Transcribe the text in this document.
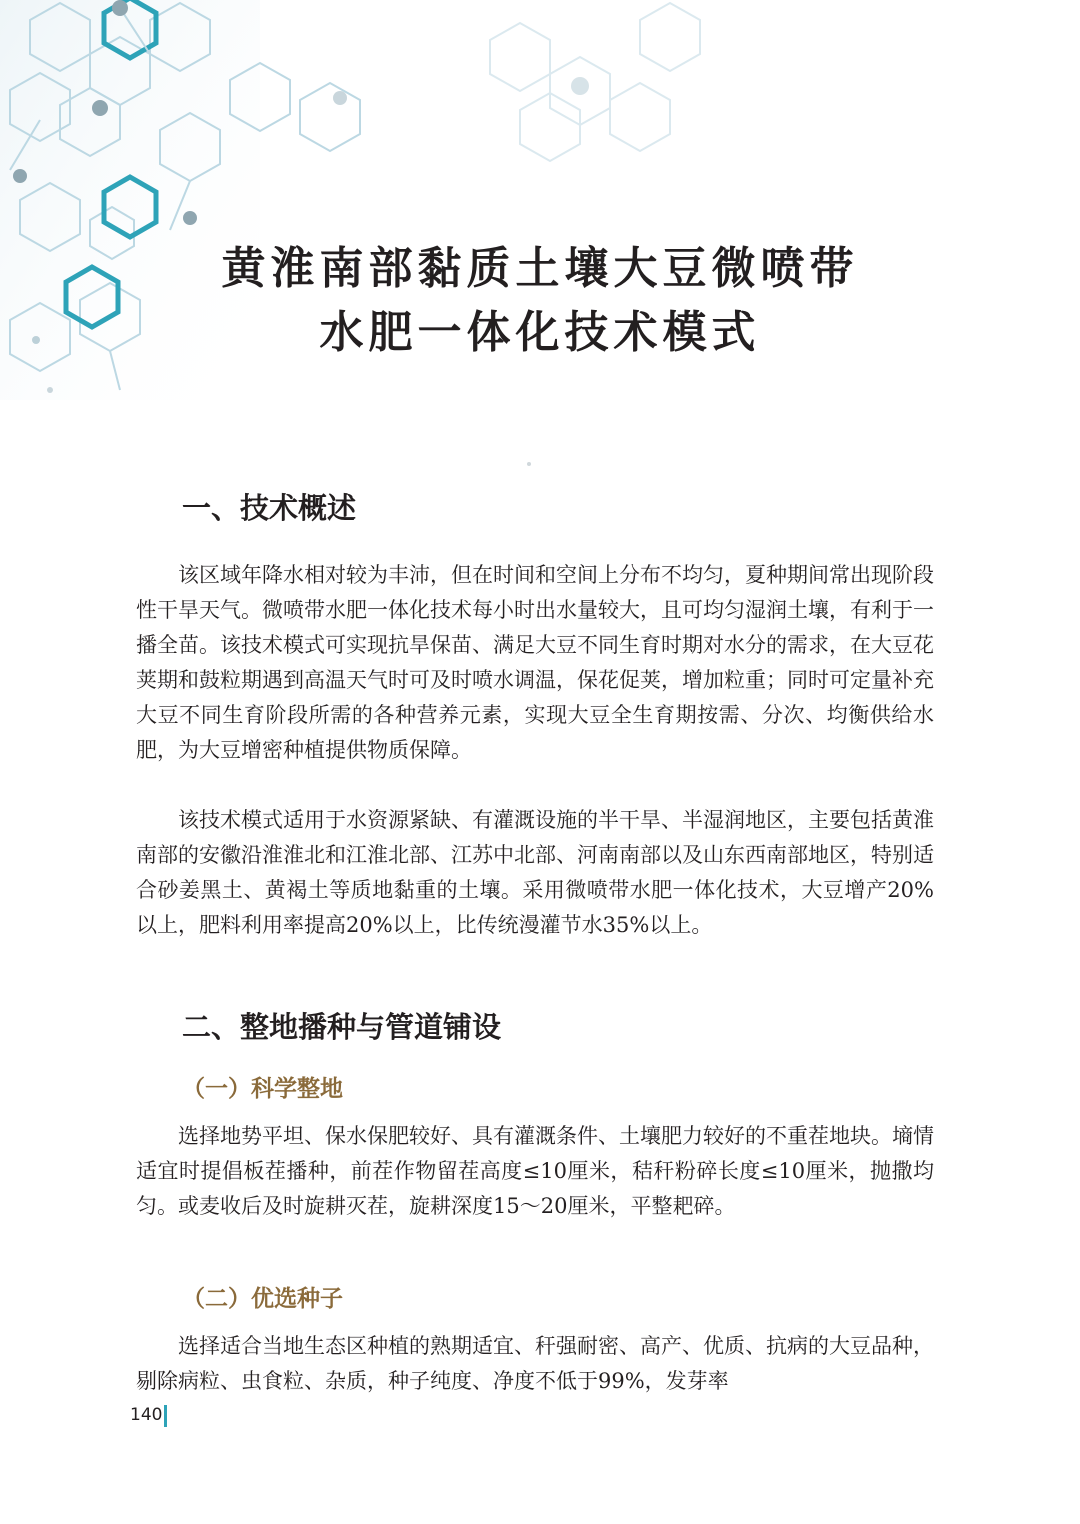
黄淮南部黏质土壤大豆微喷带
水肥一体化技术模式
一、技术概述

该区域年降水相对较为丰沛，但在时间和空间上分布不均匀，夏种期间常出现阶段性干旱天气。微喷带水肥一体化技术每小时出水量较大，且可均匀湿润土壤，有利于一播全苗。该技术模式可实现抗旱保苗、满足大豆不同生育时期对水分的需求，在大豆花荚期和鼓粒期遇到高温天气时可及时喷水调温，保花促荚，增加粒重；同时可定量补充大豆不同生育阶段所需的各种营养元素，实现大豆全生育期按需、分次、均衡供给水肥，为大豆增密种植提供物质保障。

该技术模式适用于水资源紧缺、有灌溉设施的半干旱、半湿润地区，主要包括黄淮南部的安徽沿淮淮北和江淮北部、江苏中北部、河南南部以及山东西南部地区，特别适合砂姜黑土、黄褐土等质地黏重的土壤。采用微喷带水肥一体化技术，大豆增产20%以上，肥料利用率提高20%以上，比传统漫灌节水35%以上。

二、整地播种与管道铺设
（一）科学整地

选择地势平坦、保水保肥较好、具有灌溉条件、土壤肥力较好的不重茬地块。墒情适宜时提倡板茬播种，前茬作物留茬高度≤10厘米，秸秆粉碎长度≤10厘米，抛撒均匀。或麦收后及时旋耕灭茬，旋耕深度15～20厘米，平整耙碎。

（二）优选种子

选择适合当地生态区种植的熟期适宜、秆强耐密、高产、优质、抗病的大豆品种，剔除病粒、虫食粒、杂质，种子纯度、净度不低于99%，发芽率

140
